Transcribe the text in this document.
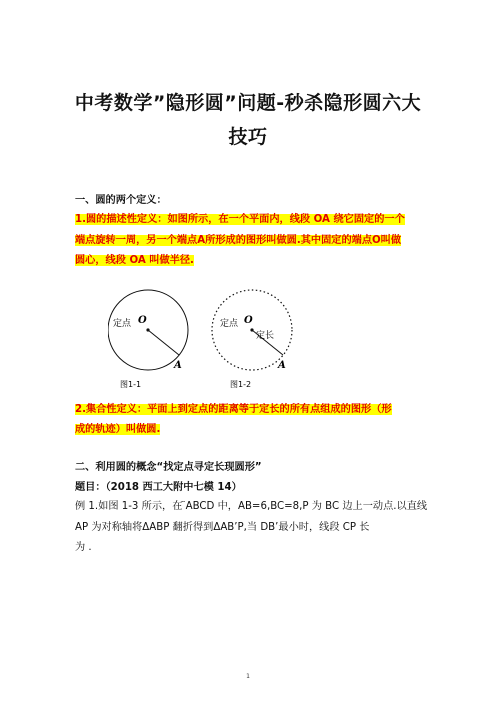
中考数学”隐形圆”问题-秒杀隐形圆六大
技巧
一、圆的两个定义：
1.圆的描述性定义：如图所示，在一个平面内，线段 OA 绕它固定的一个
端点旋转一周，另一个端点A所形成的图形叫做圆.其中固定的端点O叫做
圆心，线段 OA 叫做半径.
定点 O
A
图1-1
定点 O
定长
A
图1-2
2.集合性定义：平面上到定点的距离等于定长的所有点组成的图形（形
成的轨迹）叫做圆.
二、利用圆的概念“找定点寻定长现圆形”
题目：（2018 西工大附中七模 14）
例 1.如图 1-3 所示，在 ̈ABCD 中，AB=6,BC=8,P 为 BC 边上一动点.以直线
AP 为对称轴将ΔABP 翻折得到ΔAB’P,当 DB’最小时，线段 CP 长
为 .
1
